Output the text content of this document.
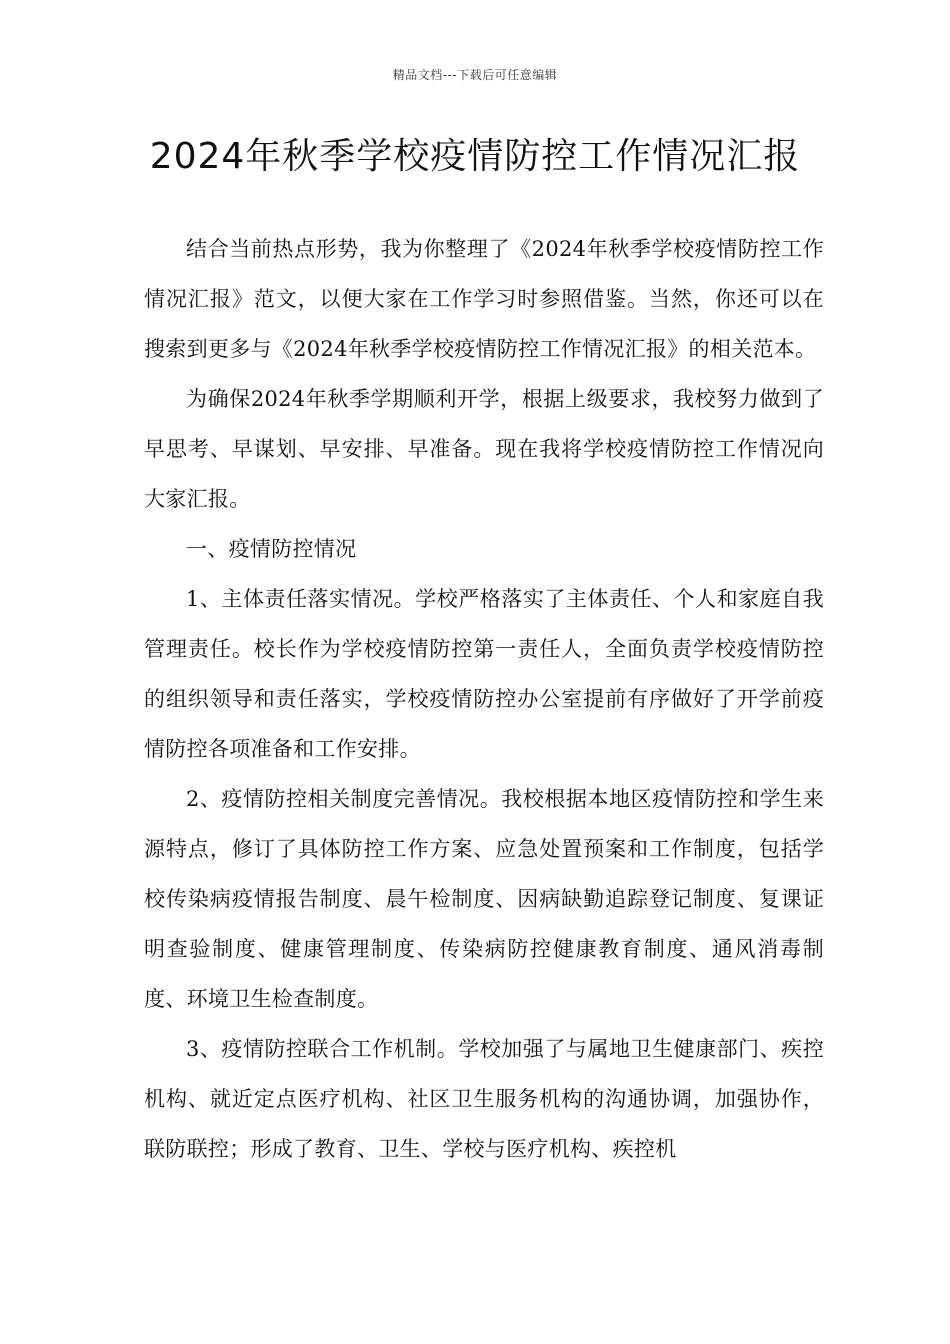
精品文档---下载后可任意编辑
2024年秋季学校疫情防控工作情况汇报

结合当前热点形势，我为你整理了《2024年秋季学校疫情防控工作情况汇报》范文，以便大家在工作学习时参照借鉴。当然，你还可以在搜索到更多与《2024年秋季学校疫情防控工作情况汇报》的相关范本。

为确保2024年秋季学期顺利开学，根据上级要求，我校努力做到了早思考、早谋划、早安排、早准备。现在我将学校疫情防控工作情况向大家汇报。

一、疫情防控情况

1、主体责任落实情况。学校严格落实了主体责任、个人和家庭自我管理责任。校长作为学校疫情防控第一责任人，全面负责学校疫情防控的组织领导和责任落实，学校疫情防控办公室提前有序做好了开学前疫情防控各项准备和工作安排。

2、疫情防控相关制度完善情况。我校根据本地区疫情防控和学生来源特点，修订了具体防控工作方案、应急处置预案和工作制度，包括学校传染病疫情报告制度、晨午检制度、因病缺勤追踪登记制度、复课证明查验制度、健康管理制度、传染病防控健康教育制度、通风消毒制度、环境卫生检查制度。

3、疫情防控联合工作机制。学校加强了与属地卫生健康部门、疾控机构、就近定点医疗机构、社区卫生服务机构的沟通协调，加强协作，联防联控；形成了教育、卫生、学校与医疗机构、疾控机
